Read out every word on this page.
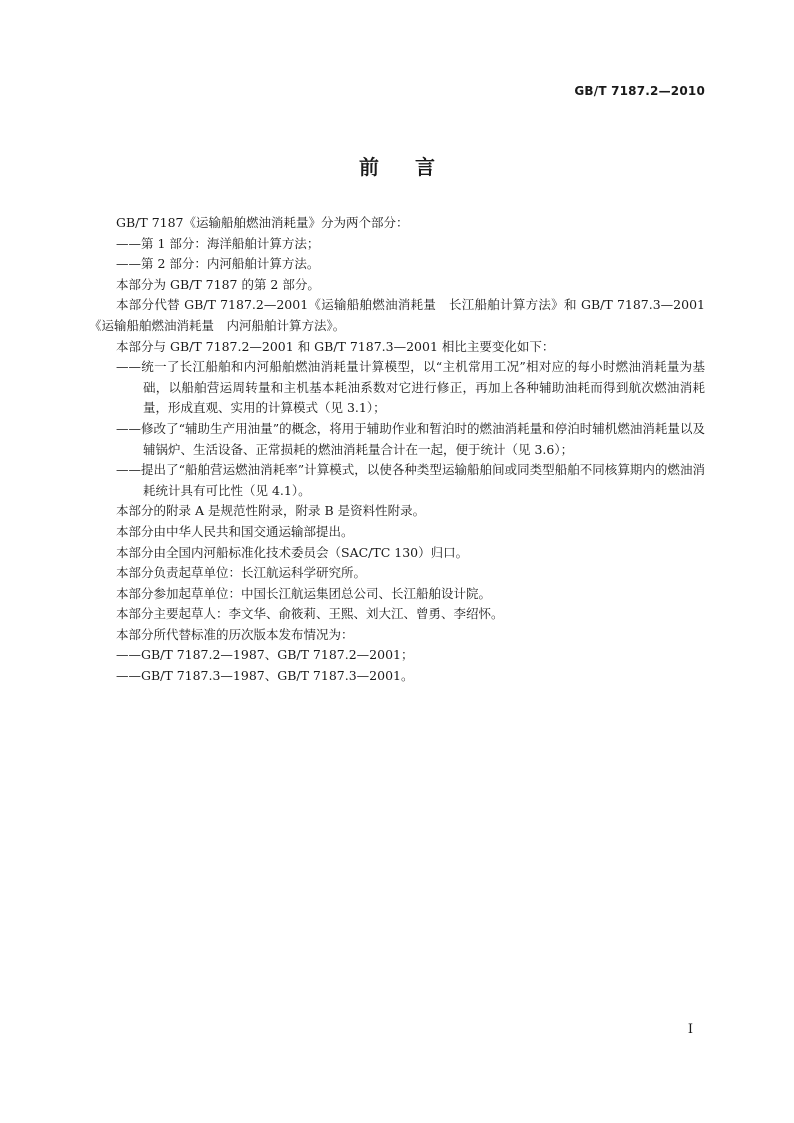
GB/T 7187.2—2010
前言

GB/T 7187《运输船舶燃油消耗量》分为两个部分：

——第 1 部分：海洋船舶计算方法；

——第 2 部分：内河船舶计算方法。

本部分为 GB/T 7187 的第 2 部分。

本部分代替 GB/T 7187.2—2001《运输船舶燃油消耗量　长江船舶计算方法》和 GB/T 7187.3—2001《运输船舶燃油消耗量　内河船舶计算方法》。

本部分与 GB/T 7187.2—2001 和 GB/T 7187.3—2001 相比主要变化如下：

——统一了长江船舶和内河船舶燃油消耗量计算模型，以“主机常用工况”相对应的每小时燃油消耗量为基础，以船舶营运周转量和主机基本耗油系数对它进行修正，再加上各种辅助油耗而得到航次燃油消耗量，形成直观、实用的计算模式（见 3.1）；

——修改了“辅助生产用油量”的概念，将用于辅助作业和暂泊时的燃油消耗量和停泊时辅机燃油消耗量以及辅锅炉、生活设备、正常损耗的燃油消耗量合计在一起，便于统计（见 3.6）；

——提出了“船舶营运燃油消耗率”计算模式，以使各种类型运输船舶间或同类型船舶不同核算期内的燃油消耗统计具有可比性（见 4.1）。

本部分的附录 A 是规范性附录，附录 B 是资料性附录。

本部分由中华人民共和国交通运输部提出。

本部分由全国内河船标准化技术委员会（SAC/TC 130）归口。

本部分负责起草单位：长江航运科学研究所。

本部分参加起草单位：中国长江航运集团总公司、长江船舶设计院。

本部分主要起草人：李文华、俞筱莉、王熙、刘大江、曾勇、李绍怀。

本部分所代替标准的历次版本发布情况为：

——GB/T 7187.2—1987、GB/T 7187.2—2001；

——GB/T 7187.3—1987、GB/T 7187.3—2001。

I
